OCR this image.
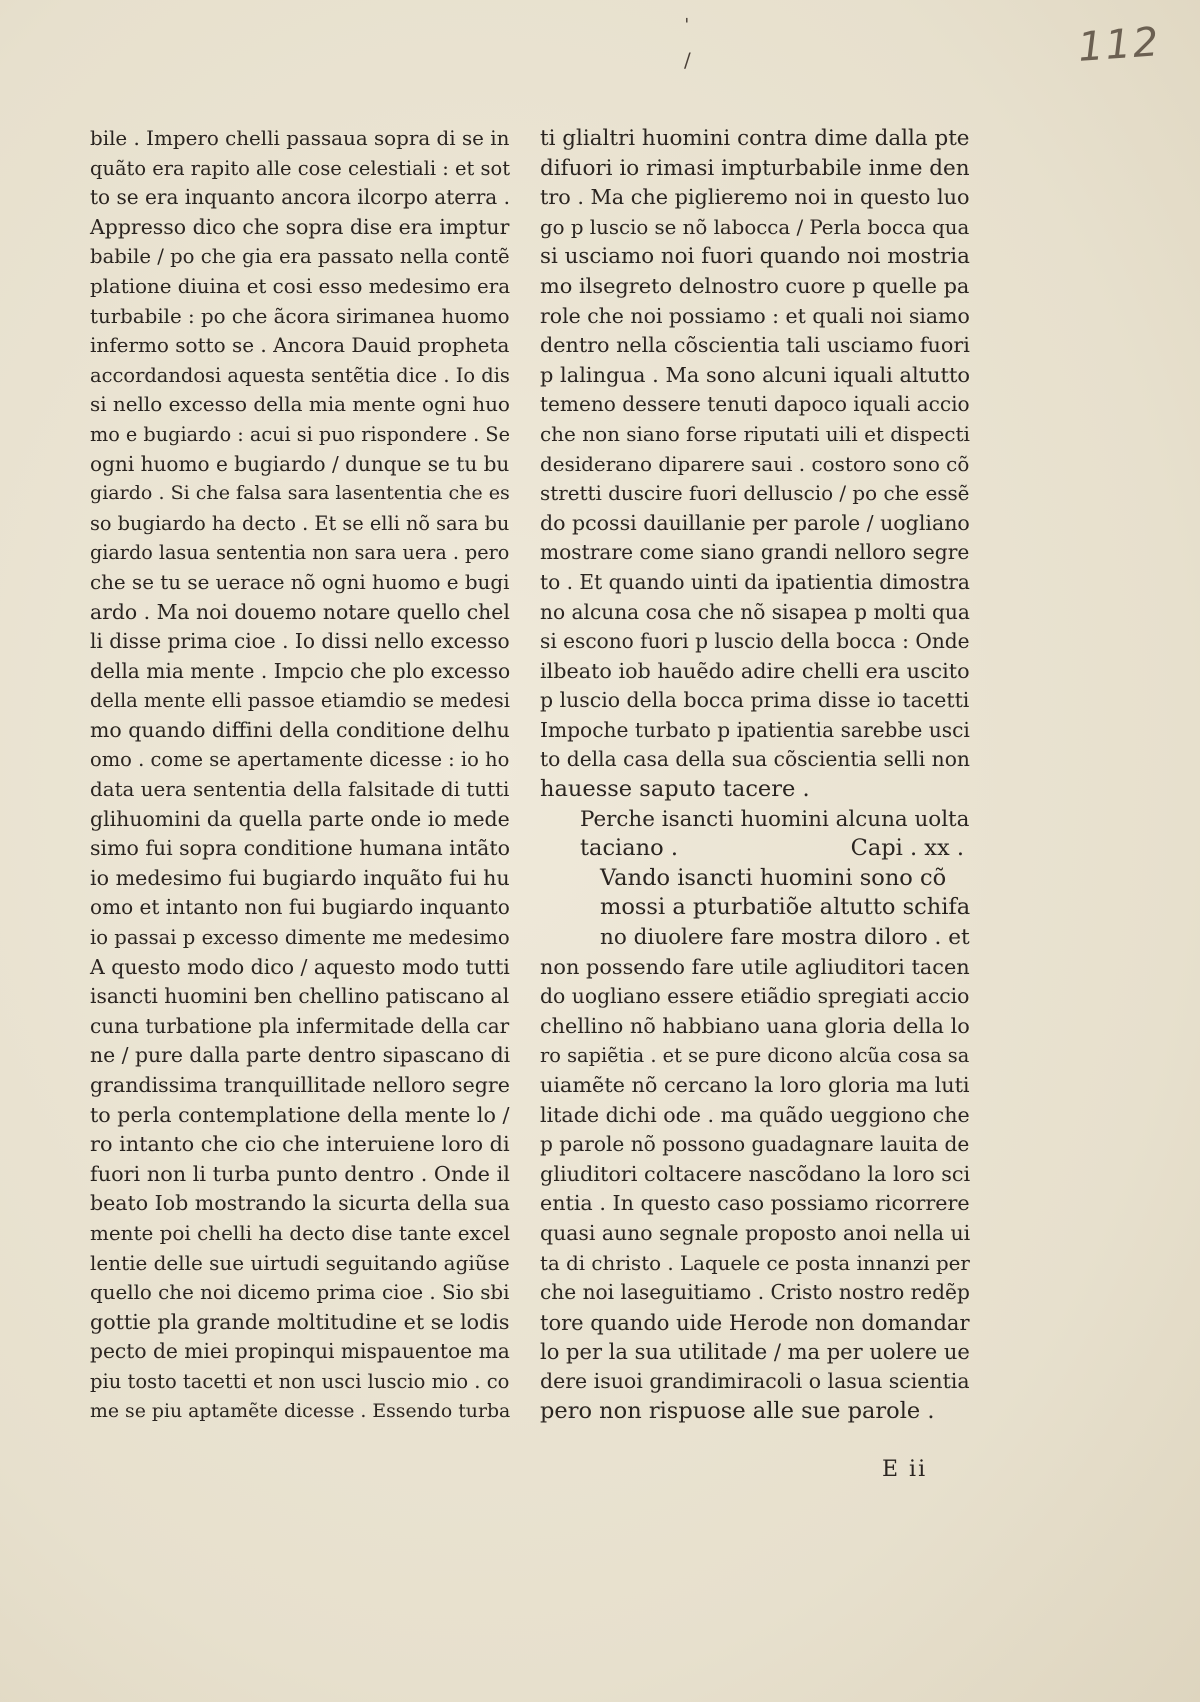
112
ˈ
/
bile . Impero chelli passaua sopra di se in
quãto era rapito alle cose celestiali : et sot
to se era inquanto ancora ilcorpo aterra .
Appresso dico che sopra dise era imptur
babile / po che gia era passato nella contẽ
platione diuina et cosi esso medesimo era
turbabile : po che ãcora sirimanea huomo
infermo sotto se . Ancora Dauid propheta
accordandosi aquesta sentẽtia dice . Io dis
si nello excesso della mia mente ogni huo
mo e bugiardo : acui si puo rispondere . Se
ogni huomo e bugiardo / dunque se tu bu
giardo . Si che falsa sara lasententia che es
so bugiardo ha decto . Et se elli nõ sara bu
giardo lasua sententia non sara uera . pero
che se tu se uerace nõ ogni huomo e bugi
ardo . Ma noi douemo notare quello chel
li disse prima cioe . Io dissi nello excesso
della mia mente . Impcio che plo excesso
della mente elli passoe etiamdio se medesi
mo quando diffini della conditione delhu
omo . come se apertamente dicesse : io ho
data uera sententia della falsitade di tutti
glihuomini da quella parte onde io mede
simo fui sopra conditione humana intãto
io medesimo fui bugiardo inquãto fui hu
omo et intanto non fui bugiardo inquanto
io passai p excesso dimente me medesimo
A questo modo dico / aquesto modo tutti
isancti huomini ben chellino patiscano al
cuna turbatione pla infermitade della car
ne / pure dalla parte dentro sipascano di
grandissima tranquillitade nelloro segre
to perla contemplatione della mente lo /
ro intanto che cio che interuiene loro di
fuori non li turba punto dentro . Onde il
beato Iob mostrando la sicurta della sua
mente poi chelli ha decto dise tante excel
lentie delle sue uirtudi seguitando agiũse
quello che noi dicemo prima cioe . Sio sbi
gottie pla grande moltitudine et se lodis
pecto de miei propinqui mispauentoe ma
piu tosto tacetti et non usci luscio mio . co
me se piu aptamẽte dicesse . Essendo turba
ti glialtri huomini contra dime dalla pte
difuori io rimasi impturbabile inme den
tro . Ma che piglieremo noi in questo luo
go p luscio se nõ labocca / Perla bocca qua
si usciamo noi fuori quando noi mostria
mo ilsegreto delnostro cuore p quelle pa
role che noi possiamo : et quali noi siamo
dentro nella cõscientia tali usciamo fuori
p lalingua . Ma sono alcuni iquali altutto
temeno dessere tenuti dapoco iquali accio
che non siano forse riputati uili et dispecti
desiderano diparere saui . costoro sono cõ
stretti duscire fuori delluscio / po che essẽ
do pcossi dauillanie per parole / uogliano
mostrare come siano grandi nelloro segre
to . Et quando uinti da ipatientia dimostra
no alcuna cosa che nõ sisapea p molti qua
si escono fuori p luscio della bocca : Onde
ilbeato iob hauẽdo adire chelli era uscito
p luscio della bocca prima disse io tacetti
Impoche turbato p ipatientia sarebbe usci
to della casa della sua cõscientia selli non
hauesse saputo tacere .
Perche isancti huomini alcuna uolta
taciano .	Capi . xx .
Vando isancti huomini sono cõ
mossi a pturbatiõe altutto schifa
no diuolere fare mostra diloro . et
non possendo fare utile agliuditori tacen
do uogliano essere etiãdio spregiati accio
chellino nõ habbiano uana gloria della lo
ro sapiẽtia . et se pure dicono alcũa cosa sa
uiamẽte nõ cercano la loro gloria ma luti
litade dichi ode . ma quãdo ueggiono che
p parole nõ possono guadagnare lauita de
gliuditori coltacere nascõdano la loro sci
entia . In questo caso possiamo ricorrere
quasi auno segnale proposto anoi nella ui
ta di christo . Laquele ce posta innanzi per
che noi laseguitiamo . Cristo nostro redẽp
tore quando uide Herode non domandar
lo per la sua utilitade / ma per uolere ue
dere isuoi grandimiracoli o lasua scientia
pero non rispuose alle sue parole .
E ii
